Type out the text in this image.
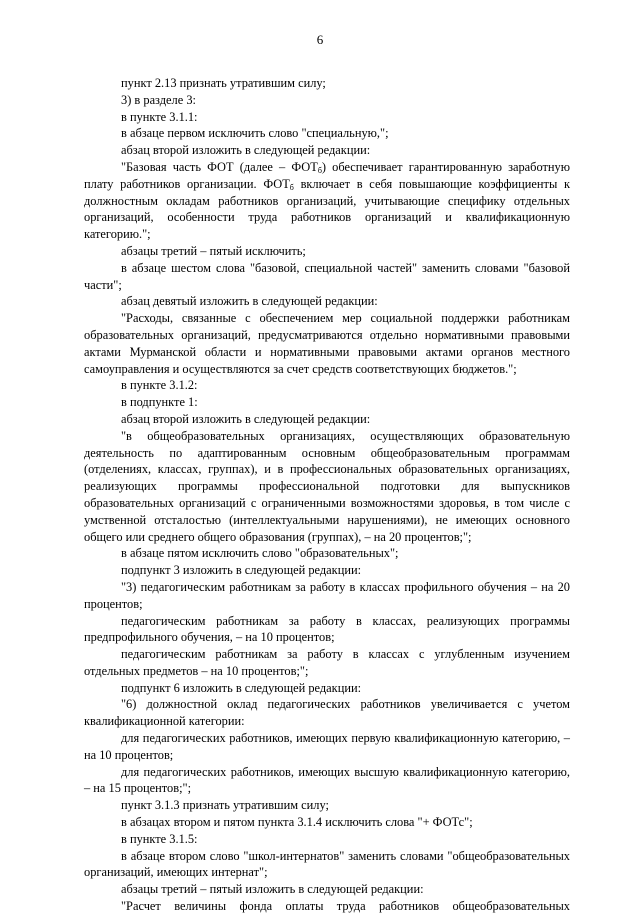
6

пункт 2.13 признать утратившим силу;

3) в разделе 3:

в пункте 3.1.1:

в абзаце первом исключить слово "специальную,";

абзац второй изложить в следующей редакции:

"Базовая часть ФОТ (далее – $ФОТ_б$) обеспечивает гарантированную заработную плату работников организации. $ФОТ_б$ включает в себя повышающие коэффициенты к должностным окладам работников организаций, учитывающие специфику отдельных организаций, особенности труда работников организаций и квалификационную категорию.";

абзацы третий – пятый исключить;

в абзаце шестом слова "базовой, специальной частей" заменить словами "базовой части";

абзац девятый изложить в следующей редакции:

"Расходы, связанные с обеспечением мер социальной поддержки работникам образовательных организаций, предусматриваются отдельно нормативными правовыми актами Мурманской области и нормативными правовыми актами органов местного самоуправления и осуществляются за счет средств соответствующих бюджетов.";

в пункте 3.1.2:

в подпункте 1:

абзац второй изложить в следующей редакции:

"в общеобразовательных организациях, осуществляющих образовательную деятельность по адаптированным основным общеобразовательным программам (отделениях, классах, группах), и в профессиональных образовательных организациях, реализующих программы профессиональной подготовки для выпускников образовательных организаций с ограниченными возможностями здоровья, в том числе с умственной отсталостью (интеллектуальными нарушениями), не имеющих основного общего или среднего общего образования (группах), – на 20 процентов;";

в абзаце пятом исключить слово "образовательных";

подпункт 3 изложить в следующей редакции:

"3) педагогическим работникам за работу в классах профильного обучения – на 20 процентов;

педагогическим работникам за работу в классах, реализующих программы предпрофильного обучения, – на 10 процентов;

педагогическим работникам за работу в классах с углубленным изучением отдельных предметов – на 10 процентов;";

подпункт 6 изложить в следующей редакции:

"6) должностной оклад педагогических работников увеличивается с учетом квалификационной категории:

для педагогических работников, имеющих первую квалификационную категорию, – на 10 процентов;

для педагогических работников, имеющих высшую квалификационную категорию, – на 15 процентов;";

пункт 3.1.3 признать утратившим силу;

в абзацах втором и пятом пункта 3.1.4 исключить слова "+ ФОТс";

в пункте 3.1.5:

в абзаце втором слово "школ-интернатов" заменить словами "общеобразовательных организаций, имеющих интернат";

абзацы третий – пятый изложить в следующей редакции:

"Расчет величины фонда оплаты труда работников общеобразовательных
